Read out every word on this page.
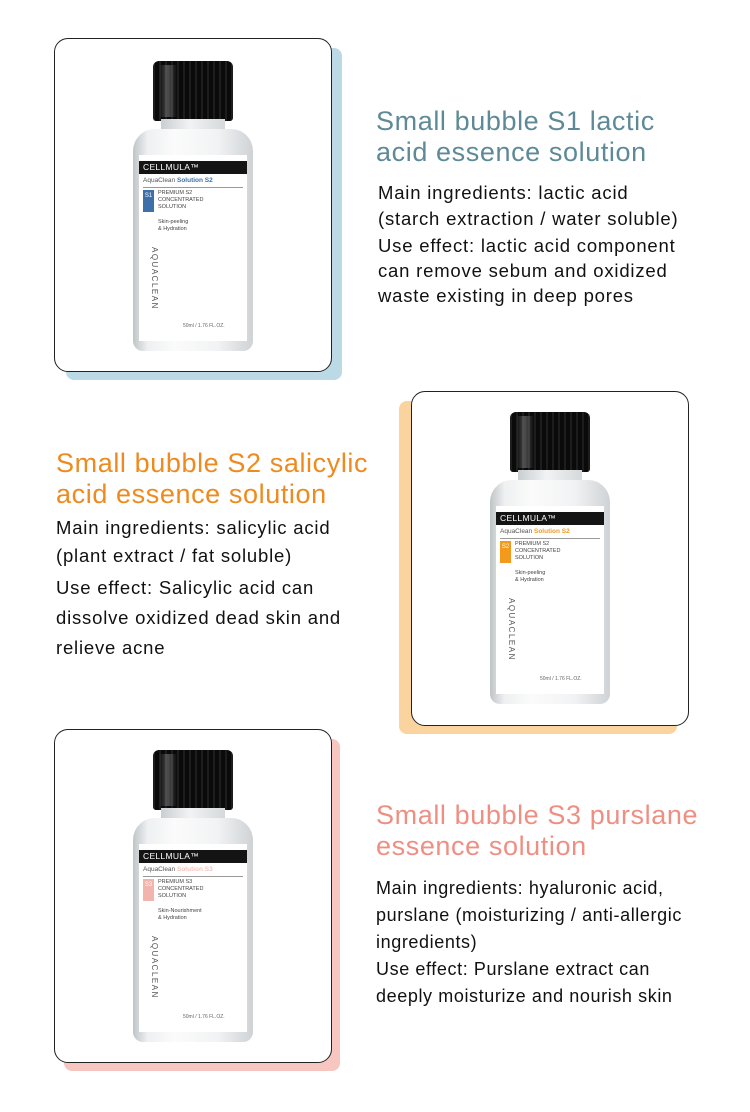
CELLMULA™
AquaClean Solution S2
S1	PREMIUM S2
CONCENTRATED
SOLUTION
Skin-peeling
& Hydration
AQUACLEAN
50ml / 1.76 FL.OZ.
Small bubble S1 lactic
acid essence solution
Main ingredients: lactic acid
(starch extraction / water soluble)
Use effect: lactic acid component
can remove sebum and oxidized
waste existing in deep pores
CELLMULA™
AquaClean Solution S2
S2	PREMIUM S2
CONCENTRATED
SOLUTION
Skin-peeling
& Hydration
AQUACLEAN
50ml / 1.76 FL.OZ.
Small bubble S2 salicylic
acid essence solution
Main ingredients: salicylic acid
(plant extract / fat soluble)
Use effect: Salicylic acid can
dissolve oxidized dead skin and
relieve acne
CELLMULA™
AquaClean Solution S3
S3	PREMIUM S3
CONCENTRATED
SOLUTION
Skin-Nourishment
& Hydration
AQUACLEAN
50ml / 1.76 FL.OZ.
Small bubble S3 purslane
essence solution
Main ingredients: hyaluronic acid,
purslane (moisturizing / anti-allergic
ingredients)
Use effect: Purslane extract can
deeply moisturize and nourish skin
